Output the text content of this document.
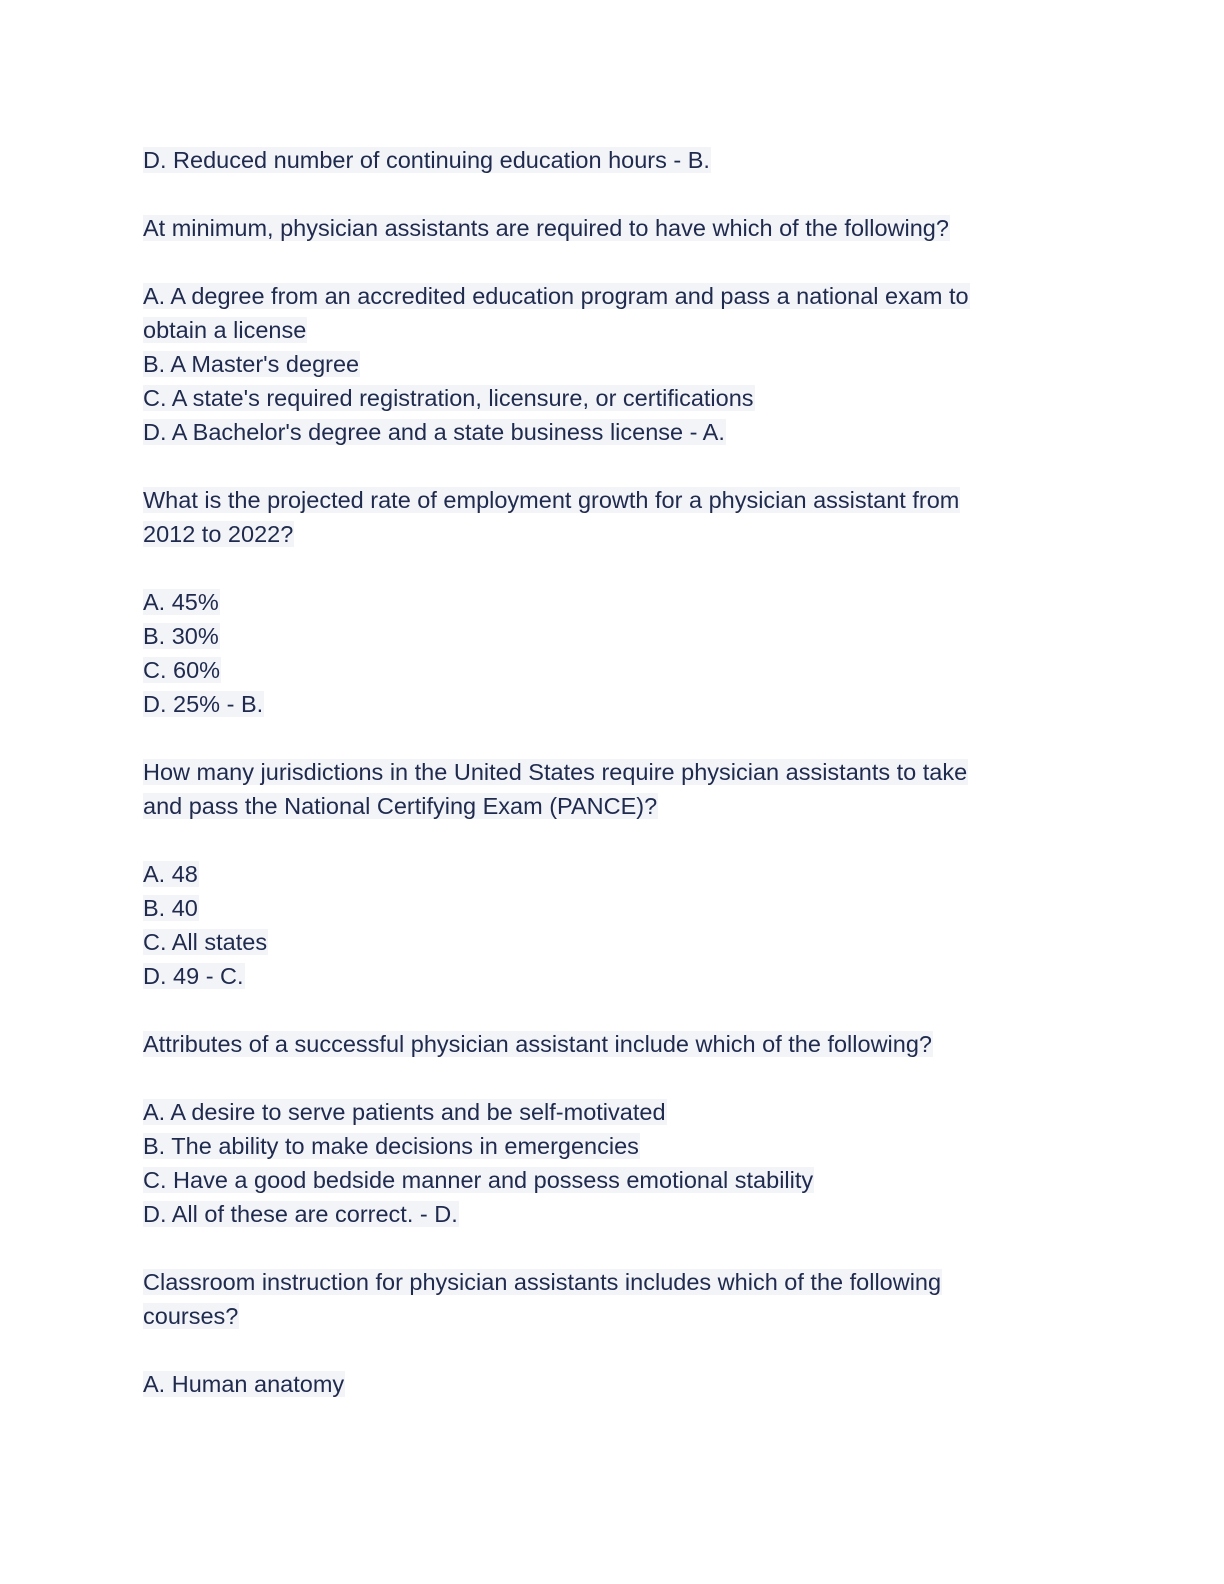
D. Reduced number of continuing education hours - B.
At minimum, physician assistants are required to have which of the following?
A. A degree from an accredited education program and pass a national exam to
obtain a license
B. A Master's degree
C. A state's required registration, licensure, or certifications
D. A Bachelor's degree and a state business license - A.
What is the projected rate of employment growth for a physician assistant from
2012 to 2022?
A. 45%
B. 30%
C. 60%
D. 25% - B.
How many jurisdictions in the United States require physician assistants to take
and pass the National Certifying Exam (PANCE)?
A. 48
B. 40
C. All states
D. 49 - C.
Attributes of a successful physician assistant include which of the following?
A. A desire to serve patients and be self-motivated
B. The ability to make decisions in emergencies
C. Have a good bedside manner and possess emotional stability
D. All of these are correct. - D.
Classroom instruction for physician assistants includes which of the following
courses?
A. Human anatomy
